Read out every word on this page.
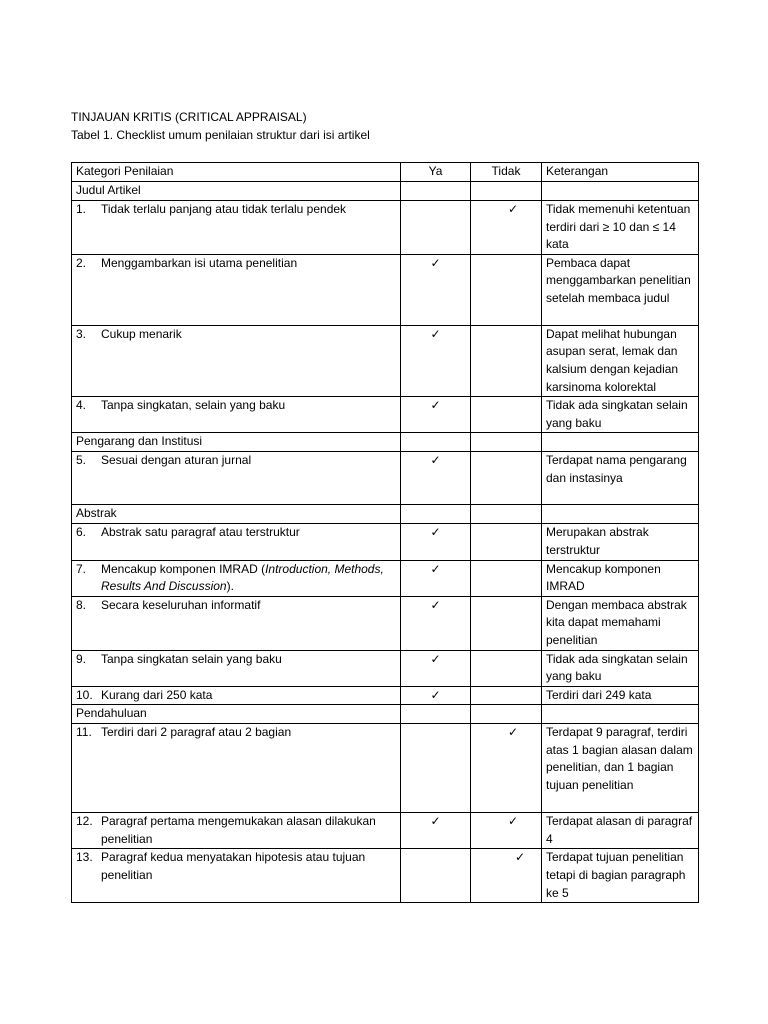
TINJAUAN KRITIS (CRITICAL APPRAISAL)
Tabel 1. Checklist umum penilaian struktur dari isi artikel
Kategori Penilaian	Ya	Tidak	Keterangan
Judul Artikel			

1. Tidak terlalu panjang atau tidak terlalu pendek		✓	Tidak memenuhi ketentuan terdiri dari ≥ 10 dan ≤ 14 kata

2. Menggambarkan isi utama penelitian	✓		Pembaca dapat menggambarkan penelitian setelah membaca judul

3. Cukup menarik	✓		Dapat melihat hubungan asupan serat, lemak dan kalsium dengan kejadian karsinoma kolorektal

4. Tanpa singkatan, selain yang baku	✓		Tidak ada singkatan selain yang baku
Pengarang dan Institusi			

5. Sesuai dengan aturan jurnal	✓		Terdapat nama pengarang dan instasinya
Abstrak			

6. Abstrak satu paragraf atau terstruktur	✓		Merupakan abstrak terstruktur

7. Mencakup komponen IMRAD (Introduction, Methods, Results And Discussion).	✓		Mencakup komponen IMRAD

8. Secara keseluruhan informatif	✓		Dengan membaca abstrak kita dapat memahami penelitian

9. Tanpa singkatan selain yang baku	✓		Tidak ada singkatan selain yang baku

10. Kurang dari 250 kata	✓		Terdiri dari 249 kata
Pendahuluan			

11. Terdiri dari 2 paragraf atau 2 bagian		✓	Terdapat 9 paragraf, terdiri atas 1 bagian alasan dalam penelitian, dan 1 bagian tujuan penelitian

12. Paragraf pertama mengemukakan alasan dilakukan penelitian	✓	✓	Terdapat alasan di paragraf 4

13. Paragraf kedua menyatakan hipotesis atau tujuan penelitian		✓	Terdapat tujuan penelitian tetapi di bagian paragraph ke 5
